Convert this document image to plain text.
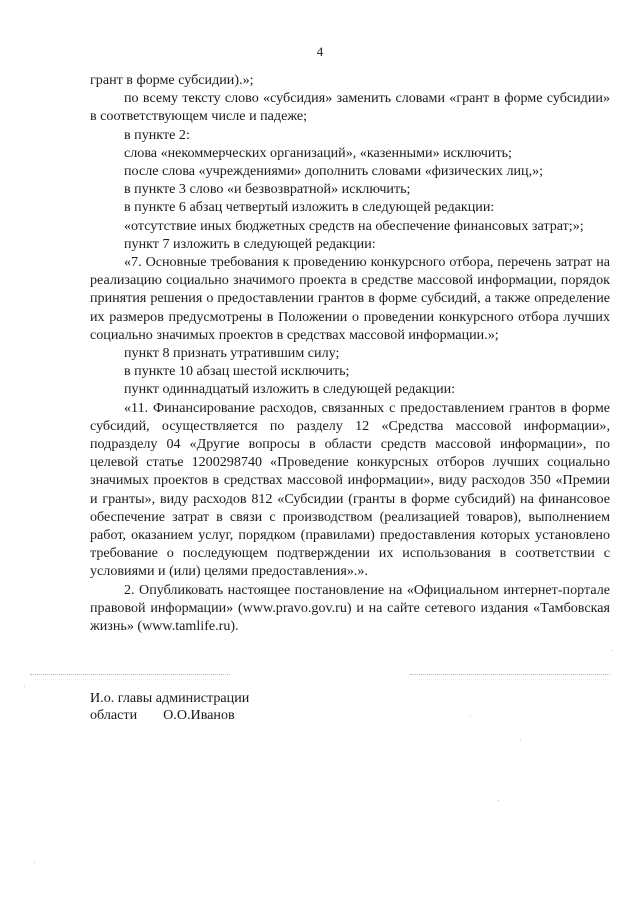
4

грант в форме субсидии).»;

по всему тексту слово «субсидия» заменить словами «грант в форме субсидии» в соответствующем числе и падеже;

в пункте 2:

слова «некоммерческих организаций», «казенными» исключить;

после слова «учреждениями» дополнить словами «физических лиц,»;

в пункте 3 слово «и безвозвратной» исключить;

в пункте 6 абзац четвертый изложить в следующей редакции:

«отсутствие иных бюджетных средств на обеспечение финансовых затрат;»;

пункт 7 изложить в следующей редакции:

«7. Основные требования к проведению конкурсного отбора, перечень затрат на реализацию социально значимого проекта в средстве массовой информации, порядок принятия решения о предоставлении грантов в форме субсидий, а также определение их размеров предусмотрены в Положении о проведении конкурсного отбора лучших социально значимых проектов в средствах массовой информации.»;

пункт 8 признать утратившим силу;

в пункте 10 абзац шестой исключить;

пункт одиннадцатый изложить в следующей редакции:

«11. Финансирование расходов, связанных с предоставлением грантов в форме субсидий, осуществляется по разделу 12 «Средства массовой информации», подразделу 04 «Другие вопросы в области средств массовой информации», по целевой статье 1200298740 «Проведение конкурсных отборов лучших социально значимых проектов в средствах массовой информации», виду расходов 350 «Премии и гранты», виду расходов 812 «Субсидии (гранты в форме субсидий) на финансовое обеспечение затрат в связи с производством (реализацией товаров), выполнением работ, оказанием услуг, порядком (правилами) предоставления которых установлено требование о последующем подтверждении их использования в соответствии с условиями и (или) целями предоставления».».

2. Опубликовать настоящее постановление на «Официальном интернет-портале правовой информации» (www.pravo.gov.ru) и на сайте сетевого издания «Тамбовская жизнь» (www.tamlife.ru).

И.о. главы администрации
области О.О.Иванов
